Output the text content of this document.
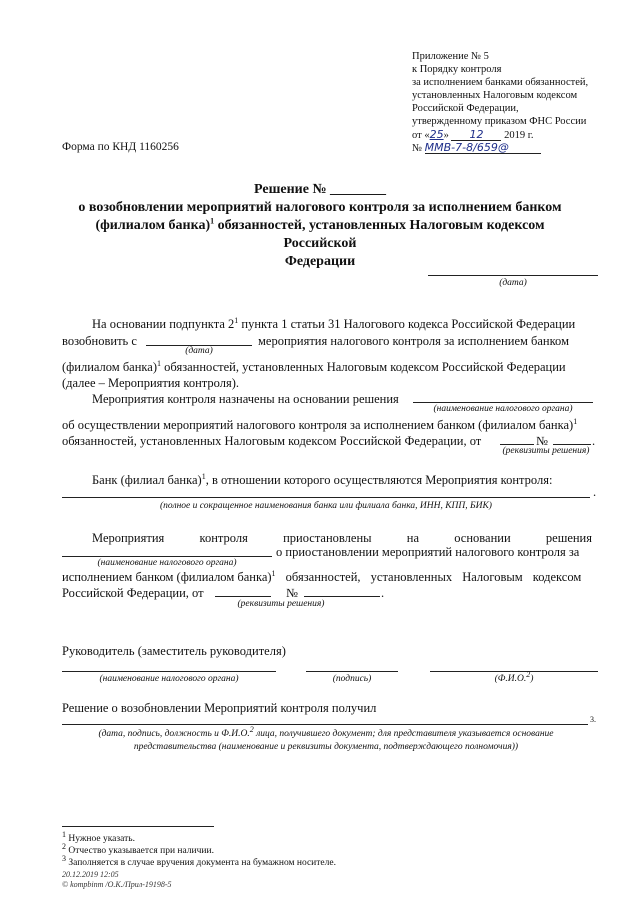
Приложение № 5
к Порядку контроля
за исполнением банками обязанностей,
установленных Налоговым кодексом
Российской Федерации,
утвержденному приказом ФНС России
от «25» 12 2019 г.
№ ММВ-7-8/659@
Форма по КНД 1160256
Решение № ________
о возобновлении мероприятий налогового контроля за исполнением банком
(филиалом банка)$^1$ обязанностей, установленных Налоговым кодексом Российской
Федерации
(дата)
На основании подпункта $2^1$ пункта 1 статьи 31 Налогового кодекса Российской Федерации
возобновить с	мероприятия налогового контроля за исполнением банком
(дата)
(филиалом банка)$^1$ обязанностей, установленных Налоговым кодексом Российской Федерации
(далее – Мероприятия контроля).
Мероприятия контроля назначены на основании решения
(наименование налогового органа)
об осуществлении мероприятий налогового контроля за исполнением банком (филиалом банка)$^1$
обязанностей, установленных Налоговым кодексом Российской Федерации, от	№	.
(реквизиты решения)
Банк (филиал банка)$^1$, в отношении которого осуществляются Мероприятия контроля:
.
(полное и сокращенное наименования банка или филиала банка, ИНН, КПП, БИК)
Мероприятия	контроля	приостановлены	на	основании	решения
о приостановлении мероприятий налогового контроля за
(наименование налогового органа)
исполнением банком (филиалом банка)$^1$ обязанностей, установленных Налоговым кодексом
Российской Федерации, от	№	.
(реквизиты решения)
Руководитель (заместитель руководителя)
(наименование налогового органа)	(подпись)	(Ф.И.О.$^2$)
Решение о возобновлении Мероприятий контроля получил
3.
(дата, подпись, должность и Ф.И.О.$^2$ лица, получившего документ; для представителя указывается основание
представительства (наименование и реквизиты документа, подтверждающего полномочия))
$^1$ Нужное указать.
$^2$ Отчество указывается при наличии.
$^3$ Заполняется в случае вручения документа на бумажном носителе.
20.12.2019 12:05
© kompbinm /О.К./Прил-19198-5
